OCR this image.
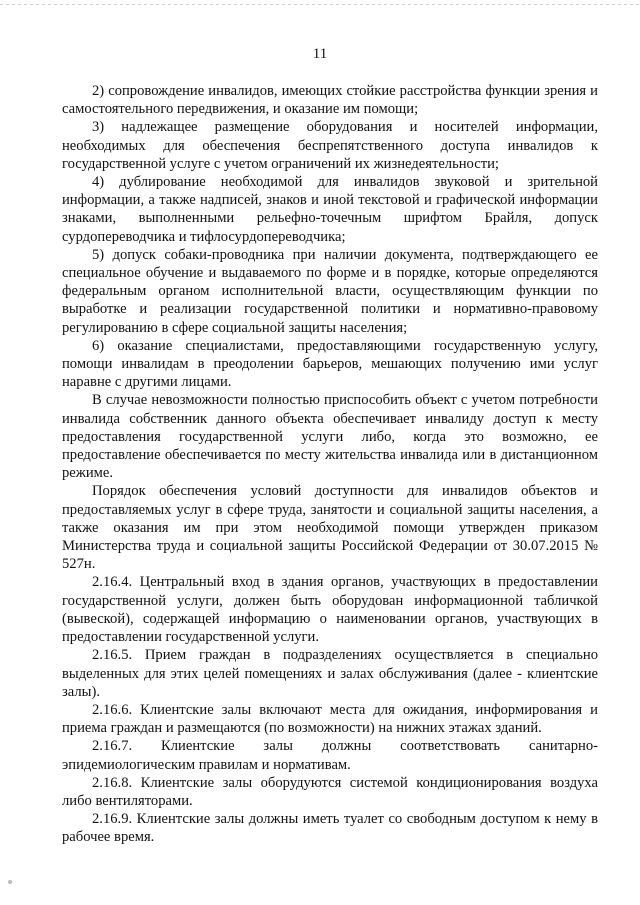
11

2) сопровождение инвалидов, имеющих стойкие расстройства функции зрения и самостоятельного передвижения, и оказание им помощи;

3) надлежащее размещение оборудования и носителей информации, необходимых для обеспечения беспрепятственного доступа инвалидов к государственной услуге с учетом ограничений их жизнедеятельности;

4) дублирование необходимой для инвалидов звуковой и зрительной информации, а также надписей, знаков и иной текстовой и графической информации знаками, выполненными рельефно-точечным шрифтом Брайля, допуск сурдопереводчика и тифлосурдопереводчика;

5) допуск собаки-проводника при наличии документа, подтверждающего ее специальное обучение и выдаваемого по форме и в порядке, которые определяются федеральным органом исполнительной власти, осуществляющим функции по выработке и реализации государственной политики и нормативно-правовому регулированию в сфере социальной защиты населения;

6) оказание специалистами, предоставляющими государственную услугу, помощи инвалидам в преодолении барьеров, мешающих получению ими услуг наравне с другими лицами.

В случае невозможности полностью приспособить объект с учетом потребности инвалида собственник данного объекта обеспечивает инвалиду доступ к месту предоставления государственной услуги либо, когда это возможно, ее предоставление обеспечивается по месту жительства инвалида или в дистанционном режиме.

Порядок обеспечения условий доступности для инвалидов объектов и предоставляемых услуг в сфере труда, занятости и социальной защиты населения, а также оказания им при этом необходимой помощи утвержден приказом Министерства труда и социальной защиты Российской Федерации от 30.07.2015 № 527н.

2.16.4. Центральный вход в здания органов, участвующих в предоставлении государственной услуги, должен быть оборудован информационной табличкой (вывеской), содержащей информацию о наименовании органов, участвующих в предоставлении государственной услуги.

2.16.5. Прием граждан в подразделениях осуществляется в специально выделенных для этих целей помещениях и залах обслуживания (далее - клиентские залы).

2.16.6. Клиентские залы включают места для ожидания, информирования и приема граждан и размещаются (по возможности) на нижних этажах зданий.

2.16.7. Клиентские залы должны соответствовать санитарно-эпидемиологическим правилам и нормативам.

2.16.8. Клиентские залы оборудуются системой кондиционирования воздуха либо вентиляторами.

2.16.9. Клиентские залы должны иметь туалет со свободным доступом к нему в рабочее время.
